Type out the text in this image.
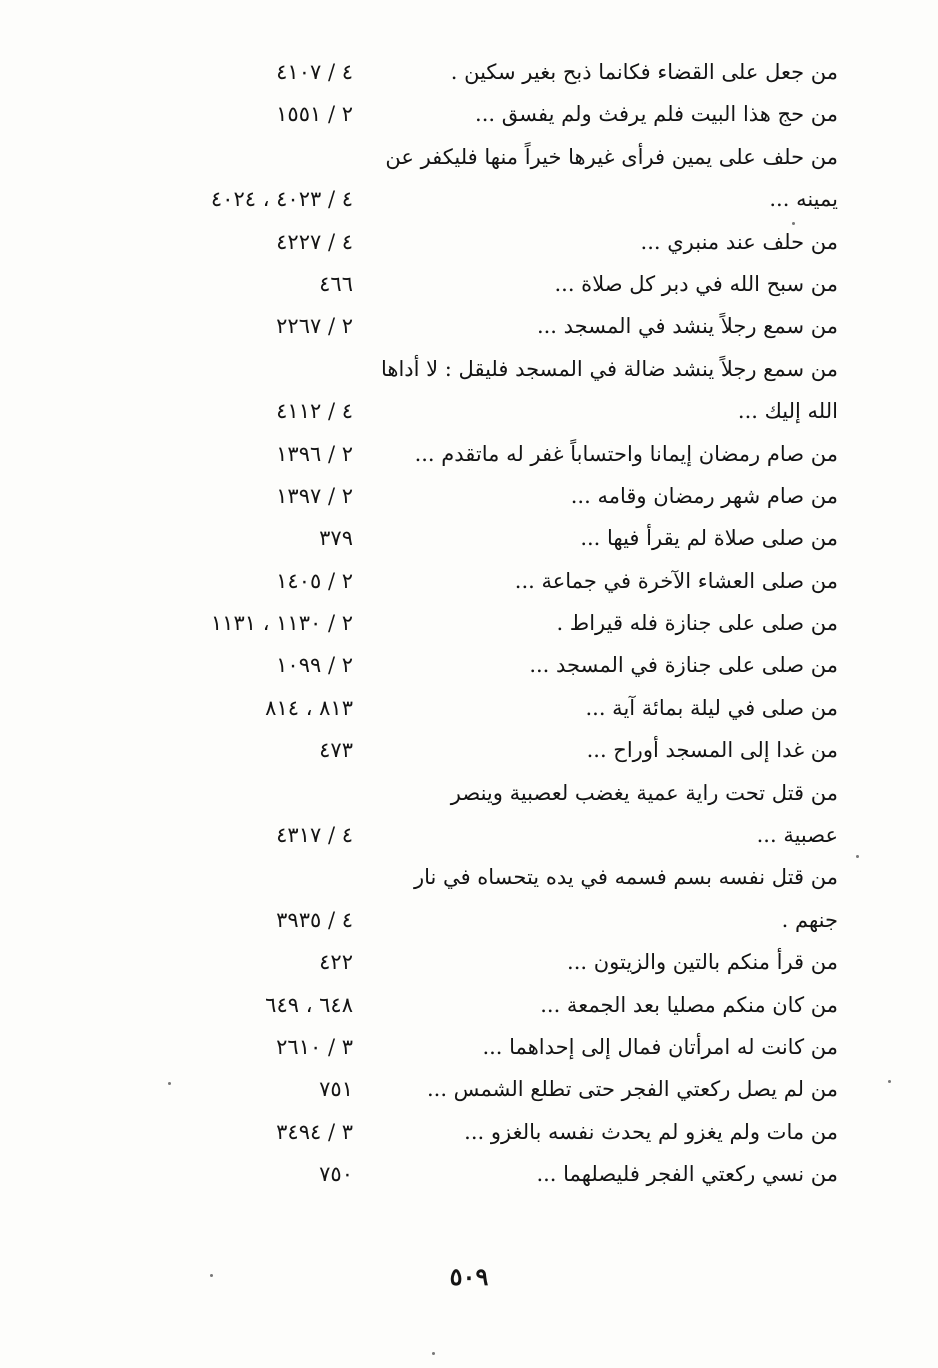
من جعل على القضاء فكانما ذبح بغير سكين .
٤ / ٤١٠٧
من حج هذا البيت فلم يرفث ولم يفسق ...
٢ / ١٥٥١
من حلف على يمين فرأى غيرها خيراً منها فليكفر عن
يمينه ...
٤ / ٤٠٢٣ ، ٤٠٢٤
من حلف عند منبري ...
٤ / ٤٢٢٧
من سبح الله في دبر كل صلاة ...
٤٦٦
من سمع رجلاً ينشد في المسجد ...
٢ / ٢٢٦٧
من سمع رجلاً ينشد ضالة في المسجد فليقل : لا أداها
الله إليك ...
٤ / ٤١١٢
من صام رمضان إيمانا واحتساباً غفر له ماتقدم ...
٢ / ١٣٩٦
من صام شهر رمضان وقامه ...
٢ / ١٣٩٧
من صلى صلاة لم يقرأ فيها ...
٣٧٩
من صلى العشاء الآخرة في جماعة ...
٢ / ١٤٠٥
من صلى على جنازة فله قيراط .
٢ / ١١٣٠ ، ١١٣١
من صلى على جنازة في المسجد ...
٢ / ١٠٩٩
من صلى في ليلة بمائة آية ...
٨١٣ ، ٨١٤
من غدا إلى المسجد أوراح ...
٤٧٣
من قتل تحت راية عمية يغضب لعصبية وينصر
عصبية ...
٤ / ٤٣١٧
من قتل نفسه بسم فسمه في يده يتحساه في نار
جنهم .
٤ / ٣٩٣٥
من قرأ منكم بالتين والزيتون ...
٤٢٢
من كان منكم مصليا بعد الجمعة ...
٦٤٨ ، ٦٤٩
من كانت له امرأتان فمال إلى إحداهما ...
٣ / ٢٦١٠
من لم يصل ركعتي الفجر حتى تطلع الشمس ...
٧٥١
من مات ولم يغزو لم يحدث نفسه بالغزو ...
٣ / ٣٤٩٤
من نسي ركعتي الفجر فليصلهما ...
٧٥٠
٥٠٩
